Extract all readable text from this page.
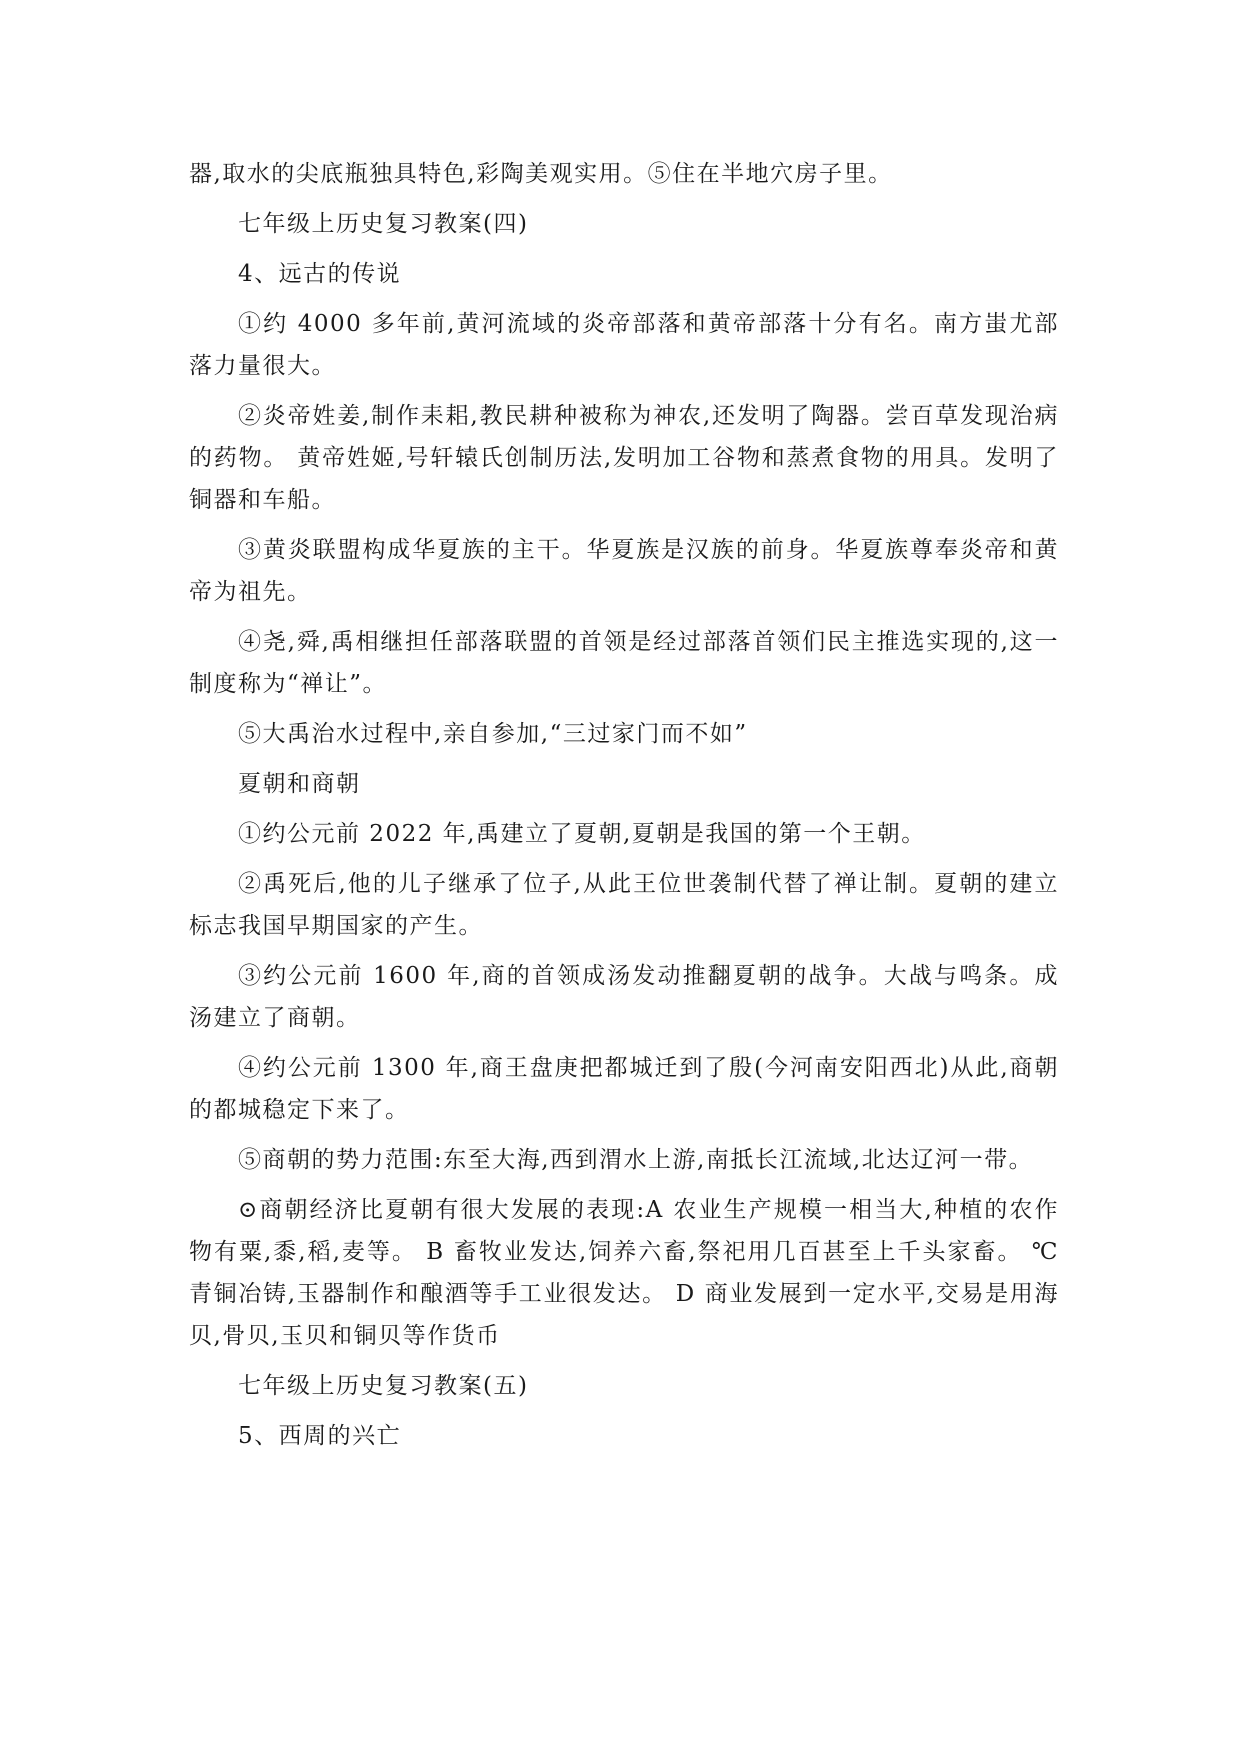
器,取水的尖底瓶独具特色,彩陶美观实用。⑤住在半地穴房子里。

七年级上历史复习教案(四)

4、远古的传说

①约 4000 多年前,黄河流域的炎帝部落和黄帝部落十分有名。南方蚩尤部落力量很大。

②炎帝姓姜,制作耒耜,教民耕种被称为神农,还发明了陶器。尝百草发现治病的药物。 黄帝姓姬,号轩辕氏创制历法,发明加工谷物和蒸煮食物的用具。发明了铜器和车船。

③黄炎联盟构成华夏族的主干。华夏族是汉族的前身。华夏族尊奉炎帝和黄帝为祖先。

④尧,舜,禹相继担任部落联盟的首领是经过部落首领们民主推选实现的,这一制度称为“禅让”。

⑤大禹治水过程中,亲自参加,“三过家门而不如”

夏朝和商朝

①约公元前 2022 年,禹建立了夏朝,夏朝是我国的第一个王朝。

②禹死后,他的儿子继承了位子,从此王位世袭制代替了禅让制。夏朝的建立标志我国早期国家的产生。

③约公元前 1600 年,商的首领成汤发动推翻夏朝的战争。大战与鸣条。成汤建立了商朝。

④约公元前 1300 年,商王盘庚把都城迁到了殷(今河南安阳西北)从此,商朝的都城稳定下来了。

⑤商朝的势力范围:东至大海,西到渭水上游,南抵长江流域,北达辽河一带。

⊙商朝经济比夏朝有很大发展的表现:A 农业生产规模一相当大,种植的农作物有粟,黍,稻,麦等。 B 畜牧业发达,饲养六畜,祭祀用几百甚至上千头家畜。 ℃青铜冶铸,玉器制作和酿酒等手工业很发达。 D 商业发展到一定水平,交易是用海贝,骨贝,玉贝和铜贝等作货币

七年级上历史复习教案(五)

5、西周的兴亡
